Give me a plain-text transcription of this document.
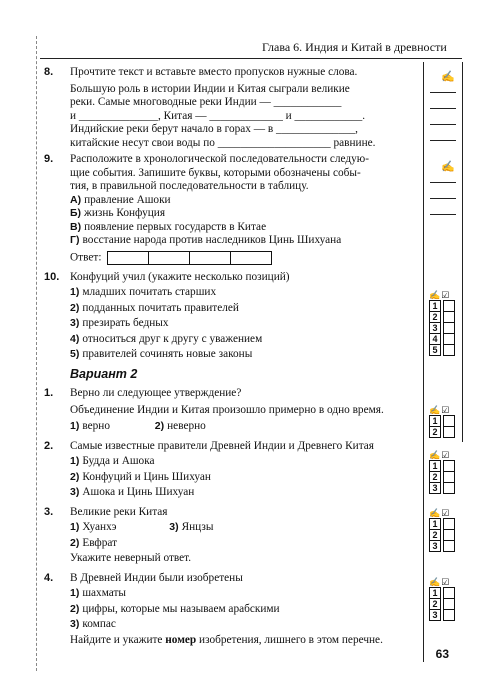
Глава 6. Индия и Китай в древности
8.	Прочтите текст и вставьте вместо пропусков нужные слова.
Большую роль в истории Индии и Китая сыграли великие
реки. Самые многоводные реки Индии — ____________
и ______________, Китая — _____________ и ____________.
Индийские реки берут начало в горах — в ______________,
китайские несут свои воды по ____________________ равнине.
9.	Расположите в хронологической последовательности следую-
щие события. Запишите буквы, которыми обозначены собы-
тия, в правильной последовательности в таблицу.
А) правление Ашоки
Б) жизнь Конфуция
В) появление первых государств в Китае
Г) восстание народа против наследников Цинь Шихуана
Ответ:
10. Конфуций учил (укажите несколько позиций)
1) младших почитать старших
2) подданных почитать правителей
3) презирать бедных
4) относиться друг к другу с уважением
5) правителей сочинять новые законы
Вариант 2
1.	Верно ли следующее утверждение?
Объединение Индии и Китая произошло примерно в одно время.
1) верно	2) неверно
2.	Самые известные правители Древней Индии и Древнего Китая
1) Будда и Ашока
2) Конфуций и Цинь Шихуан
3) Ашока и Цинь Шихуан
3.	Великие реки Китая
1) Хуанхэ	3) Янцзы
2) Евфрат
Укажите неверный ответ.
4.	В Древней Индии были изобретены
1) шахматы
2) цифры, которые мы называем арабскими
3) компас
Найдите и укажите номер изобретения, лишнего в этом перечне.
✍
✍
✍☑
1
2
3
4
5
✍☑
1
2
✍☑
1
2
3
✍☑
1
2
3
✍☑
1
2
3
63
